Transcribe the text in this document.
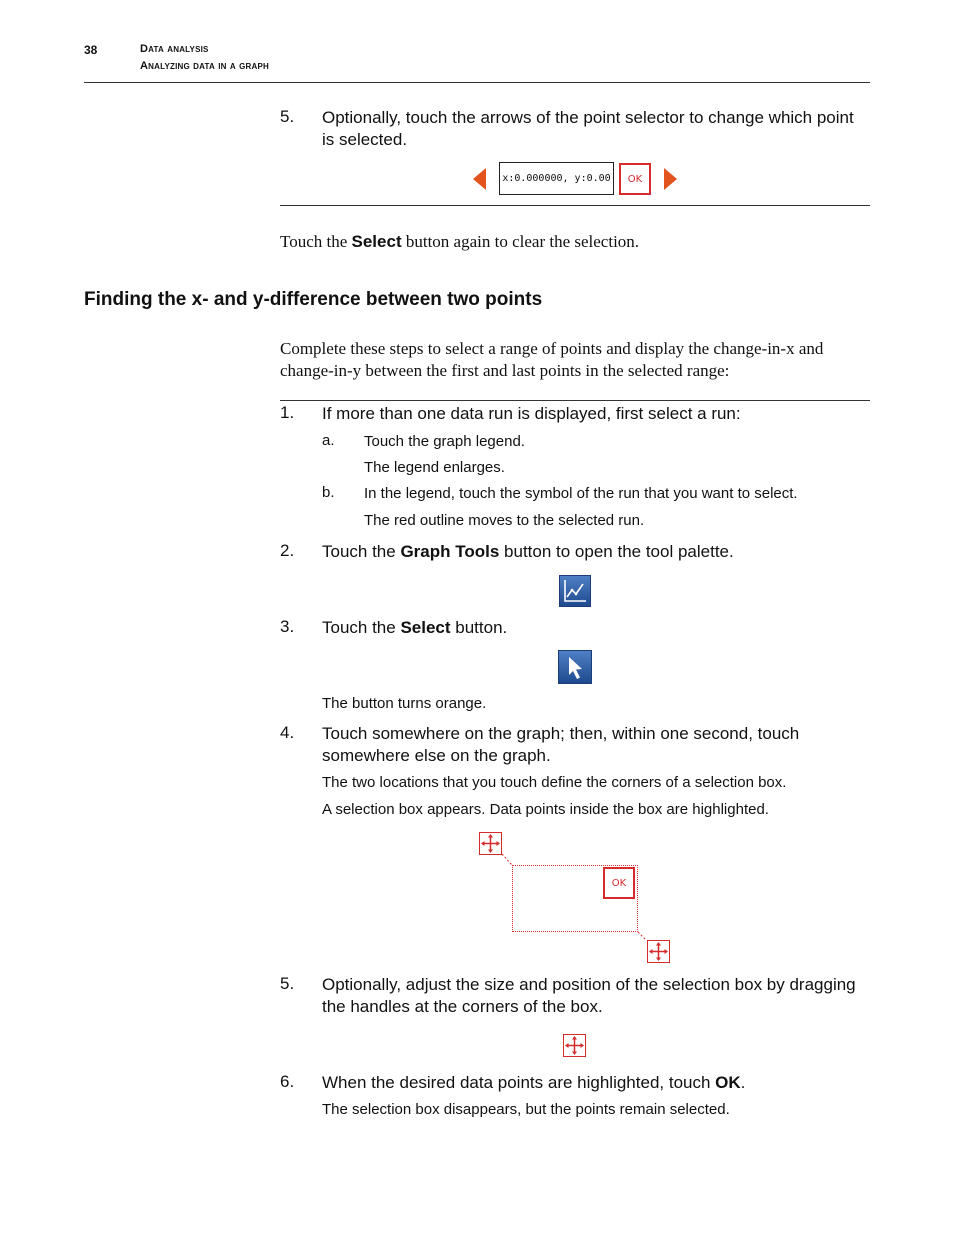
38	Data analysis
Analyzing data in a graph
5. Optionally, touch the arrows of the point selector to change which point is selected.
x:0.000000, y:0.00	OK
Touch the Select button again to clear the selection.
Finding the x- and y-difference between two points
Complete these steps to select a range of points and display the change-in-x and change-in-y between the first and last points in the selected range:
1. If more than one data run is displayed, first select a run:
a. Touch the graph legend.
The legend enlarges.
b. In the legend, touch the symbol of the run that you want to select.
The red outline moves to the selected run.
2. Touch the Graph Tools button to open the tool palette.
3. Touch the Select button.
The button turns orange.
4. Touch somewhere on the graph; then, within one second, touch somewhere else on the graph.
The two locations that you touch define the corners of a selection box.
A selection box appears. Data points inside the box are highlighted.
OK
5. Optionally, adjust the size and position of the selection box by dragging the handles at the corners of the box.
6. When the desired data points are highlighted, touch OK.
The selection box disappears, but the points remain selected.
